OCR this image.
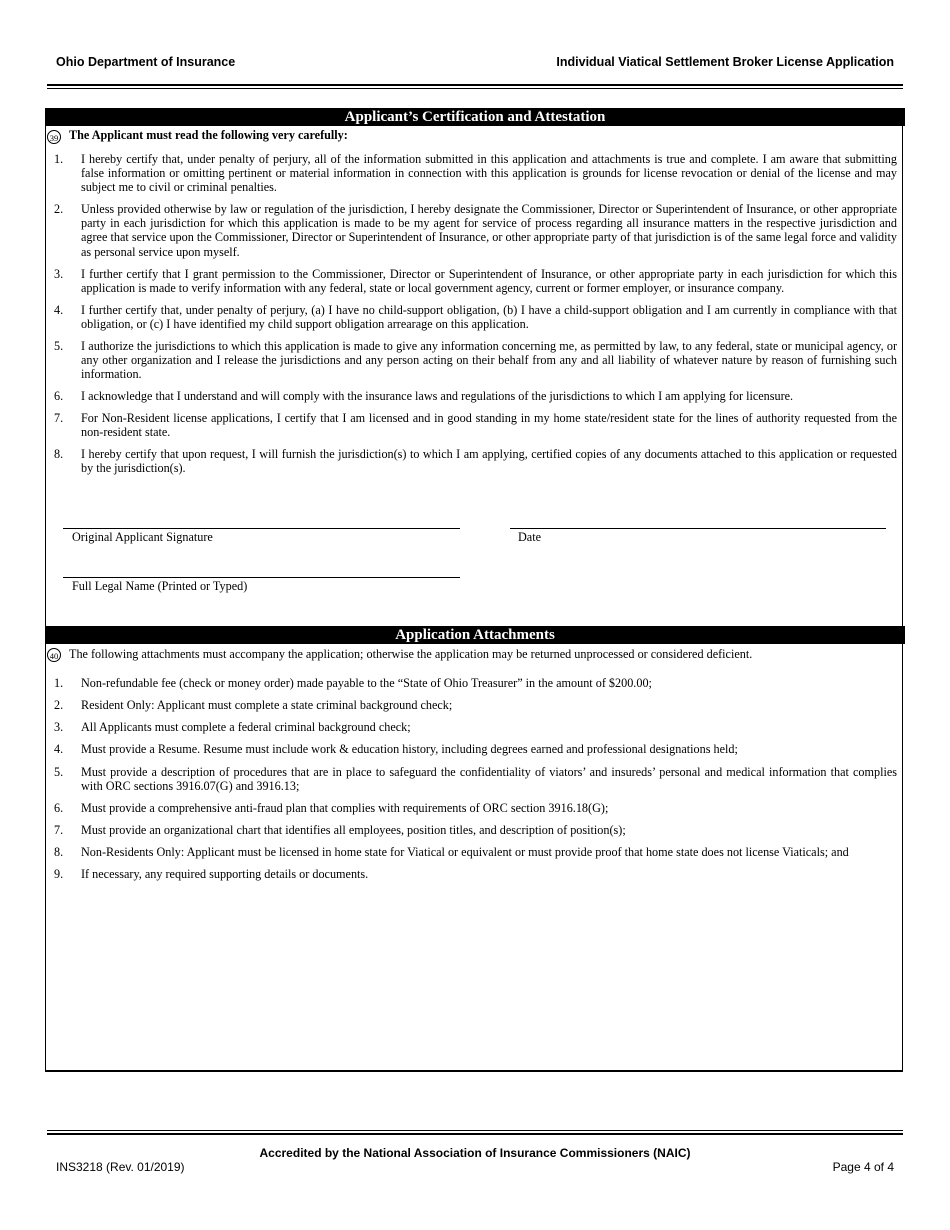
Ohio Department of Insurance	Individual Viatical Settlement Broker License Application
Applicant’s Certification and Attestation
39 The Applicant must read the following very carefully:
1. I hereby certify that, under penalty of perjury, all of the information submitted in this application and attachments is true and complete. I am aware that submitting false information or omitting pertinent or material information in connection with this application is grounds for license revocation or denial of the license and may subject me to civil or criminal penalties.
2. Unless provided otherwise by law or regulation of the jurisdiction, I hereby designate the Commissioner, Director or Superintendent of Insurance, or other appropriate party in each jurisdiction for which this application is made to be my agent for service of process regarding all insurance matters in the respective jurisdiction and agree that service upon the Commissioner, Director or Superintendent of Insurance, or other appropriate party of that jurisdiction is of the same legal force and validity as personal service upon myself.
3. I further certify that I grant permission to the Commissioner, Director or Superintendent of Insurance, or other appropriate party in each jurisdiction for which this application is made to verify information with any federal, state or local government agency, current or former employer, or insurance company.
4. I further certify that, under penalty of perjury, (a) I have no child-support obligation, (b) I have a child-support obligation and I am currently in compliance with that obligation, or (c) I have identified my child support obligation arrearage on this application.
5. I authorize the jurisdictions to which this application is made to give any information concerning me, as permitted by law, to any federal, state or municipal agency, or any other organization and I release the jurisdictions and any person acting on their behalf from any and all liability of whatever nature by reason of furnishing such information.
6. I acknowledge that I understand and will comply with the insurance laws and regulations of the jurisdictions to which I am applying for licensure.
7. For Non-Resident license applications, I certify that I am licensed and in good standing in my home state/resident state for the lines of authority requested from the non-resident state.
8. I hereby certify that upon request, I will furnish the jurisdiction(s) to which I am applying, certified copies of any documents attached to this application or requested by the jurisdiction(s).
Original Applicant Signature	Date
Full Legal Name (Printed or Typed)
Application Attachments
40 The following attachments must accompany the application; otherwise the application may be returned unprocessed or considered deficient.
1. Non-refundable fee (check or money order) made payable to the “State of Ohio Treasurer” in the amount of $200.00;
2. Resident Only: Applicant must complete a state criminal background check;
3. All Applicants must complete a federal criminal background check;
4. Must provide a Resume. Resume must include work & education history, including degrees earned and professional designations held;
5. Must provide a description of procedures that are in place to safeguard the confidentiality of viators’ and insureds’ personal and medical information that complies with ORC sections 3916.07(G) and 3916.13;
6. Must provide a comprehensive anti-fraud plan that complies with requirements of ORC section 3916.18(G);
7. Must provide an organizational chart that identifies all employees, position titles, and description of position(s);
8. Non-Residents Only: Applicant must be licensed in home state for Viatical or equivalent or must provide proof that home state does not license Viaticals; and
9. If necessary, any required supporting details or documents.
Accredited by the National Association of Insurance Commissioners (NAIC)
INS3218 (Rev. 01/2019)	Page 4 of 4
